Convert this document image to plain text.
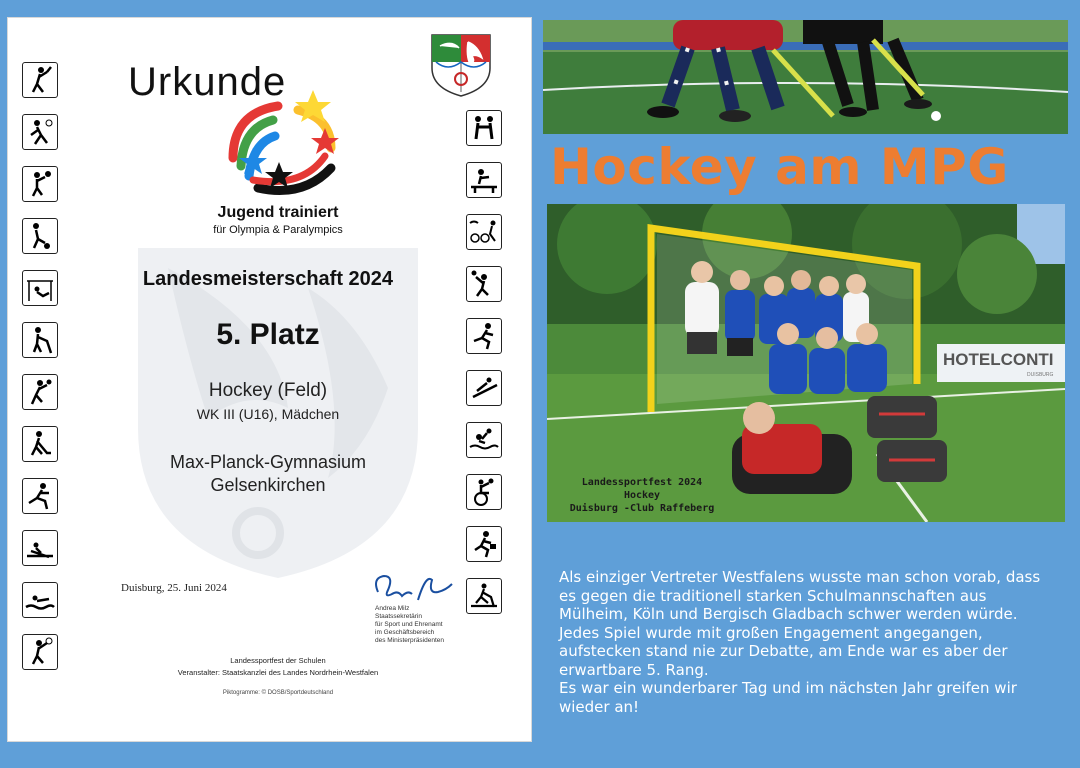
Urkunde
Jugend trainiert
für Olympia & Paralympics
Landesmeisterschaft 2024
5. Platz
Hockey (Feld)
WK III (U16), Mädchen
Max-Planck-Gymnasium
Gelsenkirchen
Duisburg, 25. Juni 2024
Andrea Milz
Staatssekretärin
für Sport und Ehrenamt
im Geschäftsbereich
des Ministerpräsidenten
Landessportfest der Schulen
Veranstalter: Staatskanzlei des Landes Nordrhein-Westfalen
Piktogramme: © DOSB/Sportdeutschland
Hockey am MPG
HOTELCONTI
DUISBURG
Landessportfest 2024
Hockey
Duisburg -Club Raffeberg

Als einziger Vertreter Westfalens wusste man schon vorab, dass es gegen die traditionell starken Schulmannschaften aus Mülheim, Köln und Bergisch Gladbach schwer werden würde.

Jedes Spiel wurde mit großen Engagement angegangen, aufstecken stand nie zur Debatte, am Ende war es aber der erwartbare 5. Rang.

Es war ein wunderbarer Tag und im nächsten Jahr greifen wir wieder an!
